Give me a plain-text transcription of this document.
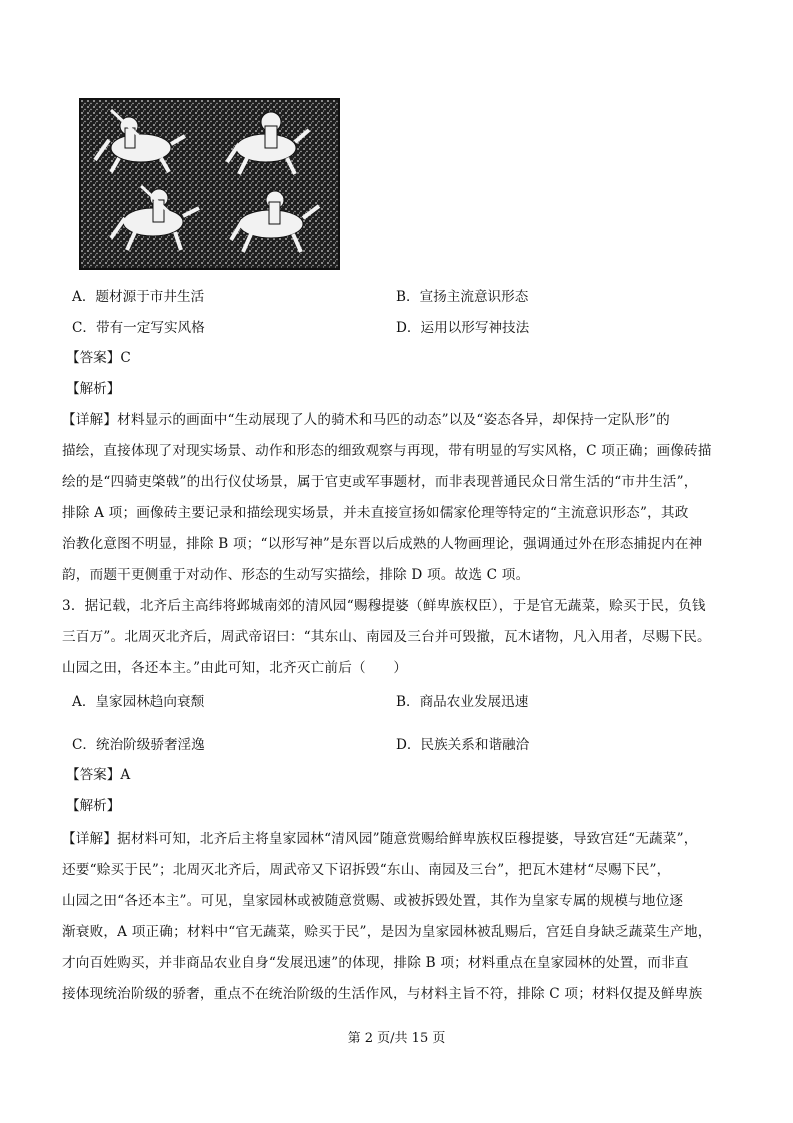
A．题材源于市井生活	B．宣扬主流意识形态
C．带有一定写实风格	D．运用以形写神技法
【答案】C
【解析】
【详解】材料显示的画面中“生动展现了人的骑术和马匹的动态”以及“姿态各异，却保持一定队形”的
描绘，直接体现了对现实场景、动作和形态的细致观察与再现，带有明显的写实风格，C 项正确；画像砖描
绘的是“四骑吏棨戟”的出行仪仗场景，属于官吏或军事题材，而非表现普通民众日常生活的“市井生活”，
排除 A 项；画像砖主要记录和描绘现实场景，并未直接宣扬如儒家伦理等特定的“主流意识形态”，其政
治教化意图不明显，排除 B 项；“以形写神”是东晋以后成熟的人物画理论，强调通过外在形态捕捉内在神
韵，而题干更侧重于对动作、形态的生动写实描绘，排除 D 项。故选 C 项。
3．据记载，北齐后主高纬将邺城南郊的清风园“赐穆提婆（鲜卑族权臣），于是官无蔬菜，赊买于民，负钱
三百万”。北周灭北齐后，周武帝诏曰：“其东山、南园及三台并可毁撤，瓦木诸物，凡入用者，尽赐下民。
山园之田，各还本主。”由此可知，北齐灭亡前后（　　）
A．皇家园林趋向衰颓	B．商品农业发展迅速
C．统治阶级骄奢淫逸	D．民族关系和谐融洽
【答案】A
【解析】
【详解】据材料可知，北齐后主将皇家园林“清风园”随意赏赐给鲜卑族权臣穆提婆，导致宫廷“无蔬菜”，
还要“赊买于民”；北周灭北齐后，周武帝又下诏拆毁“东山、南园及三台”，把瓦木建材“尽赐下民”，
山园之田“各还本主”。可见，皇家园林或被随意赏赐、或被拆毁处置，其作为皇家专属的规模与地位逐
渐衰败，A 项正确；材料中“官无蔬菜，赊买于民”，是因为皇家园林被乱赐后，宫廷自身缺乏蔬菜生产地，
才向百姓购买，并非商品农业自身“发展迅速”的体现，排除 B 项；材料重点在皇家园林的处置，而非直
接体现统治阶级的骄奢，重点不在统治阶级的生活作风，与材料主旨不符，排除 C 项；材料仅提及鲜卑族
第 2 页/共 15 页
